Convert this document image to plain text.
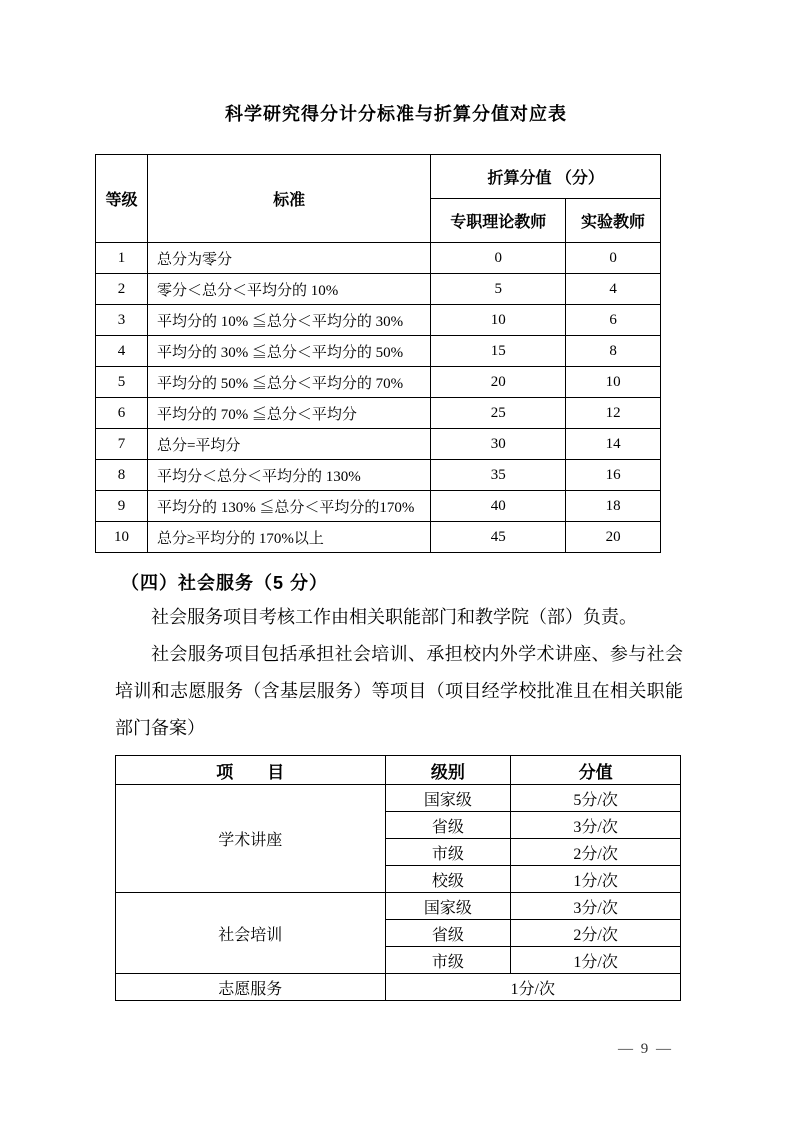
科学研究得分计分标准与折算分值对应表
等级	标准	折算分值 （分）	
		专职理论教师	实验教师
1	总分为零分	0	0
2	零分＜总分＜平均分的 10%	5	4
3	平均分的 10% ≦总分＜平均分的 30%	10	6
4	平均分的 30% ≦总分＜平均分的 50%	15	8
5	平均分的 50% ≦总分＜平均分的 70%	20	10
6	平均分的 70% ≦总分＜平均分	25	12
7	总分=平均分	30	14
8	平均分＜总分＜平均分的 130%	35	16
9	平均分的 130% ≦总分＜平均分的170%	40	18
10	总分≥平均分的 170%以上	45	20
（四）社会服务（5 分）

社会服务项目考核工作由相关职能部门和教学院（部）负责。

社会服务项目包括承担社会培训、承担校内外学术讲座、参与社会培训和志愿服务（含基层服务）等项目（项目经学校批准且在相关职能部门备案）

项　　目	级别	分值
学术讲座	国家级	5分/次
	省级	3分/次
	市级	2分/次
	校级	1分/次
社会培训	国家级	3分/次
	省级	2分/次
	市级	1分/次
志愿服务	1分/次	
— 9 —
